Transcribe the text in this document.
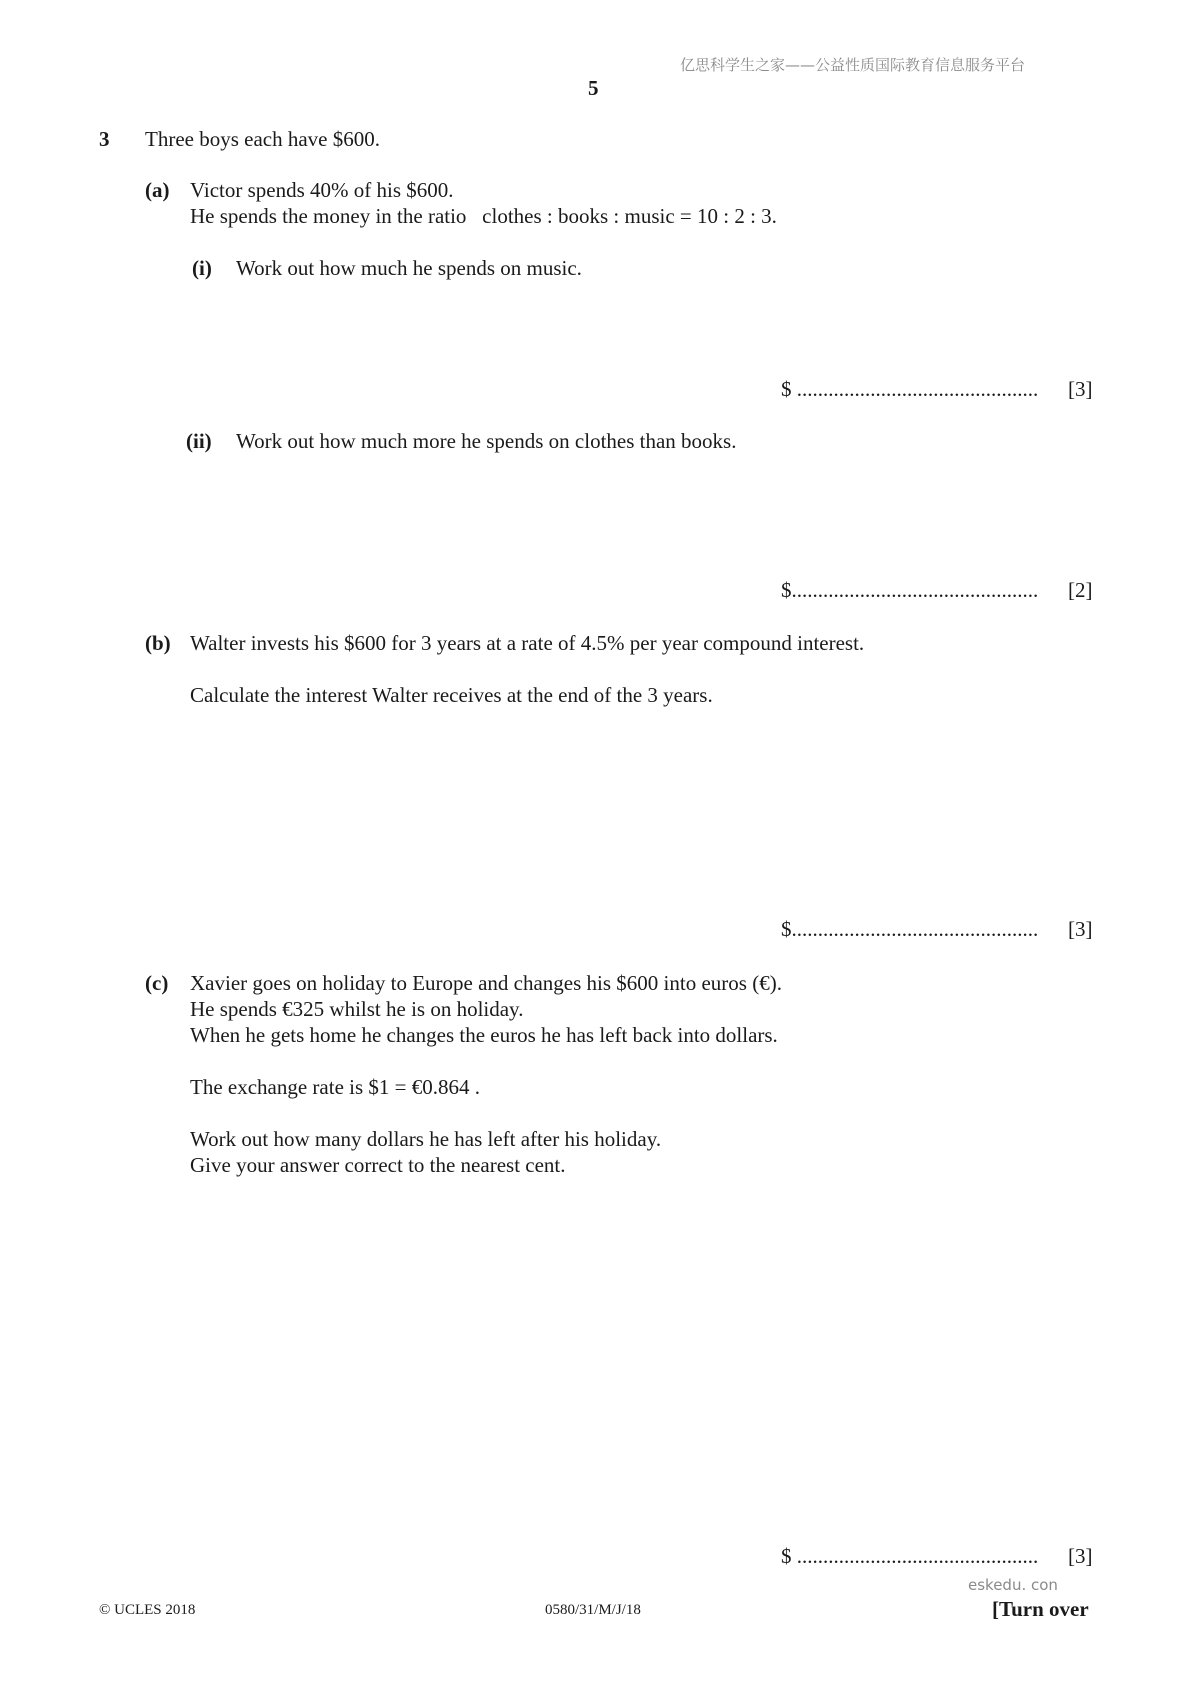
亿思科学生之家——公益性质国际教育信息服务平台
5
3 Three boys each have $600.
(a) Victor spends 40% of his $600.
He spends the money in the ratio   clothes : books : music = 10 : 2 : 3.
(i) Work out how much he spends on music.
$ .............................................. [3]
(ii) Work out how much more he spends on clothes than books.
$............................................... [2]
(b) Walter invests his $600 for 3 years at a rate of 4.5% per year compound interest.
Calculate the interest Walter receives at the end of the 3 years.
$............................................... [3]
(c) Xavier goes on holiday to Europe and changes his $600 into euros (€).
He spends €325 whilst he is on holiday.
When he gets home he changes the euros he has left back into dollars.
The exchange rate is $1 = €0.864 .
Work out how many dollars he has left after his holiday.
Give your answer correct to the nearest cent.
$ .............................................. [3]
eskedu. con
© UCLES 2018	0580/31/M/J/18	[Turn over
